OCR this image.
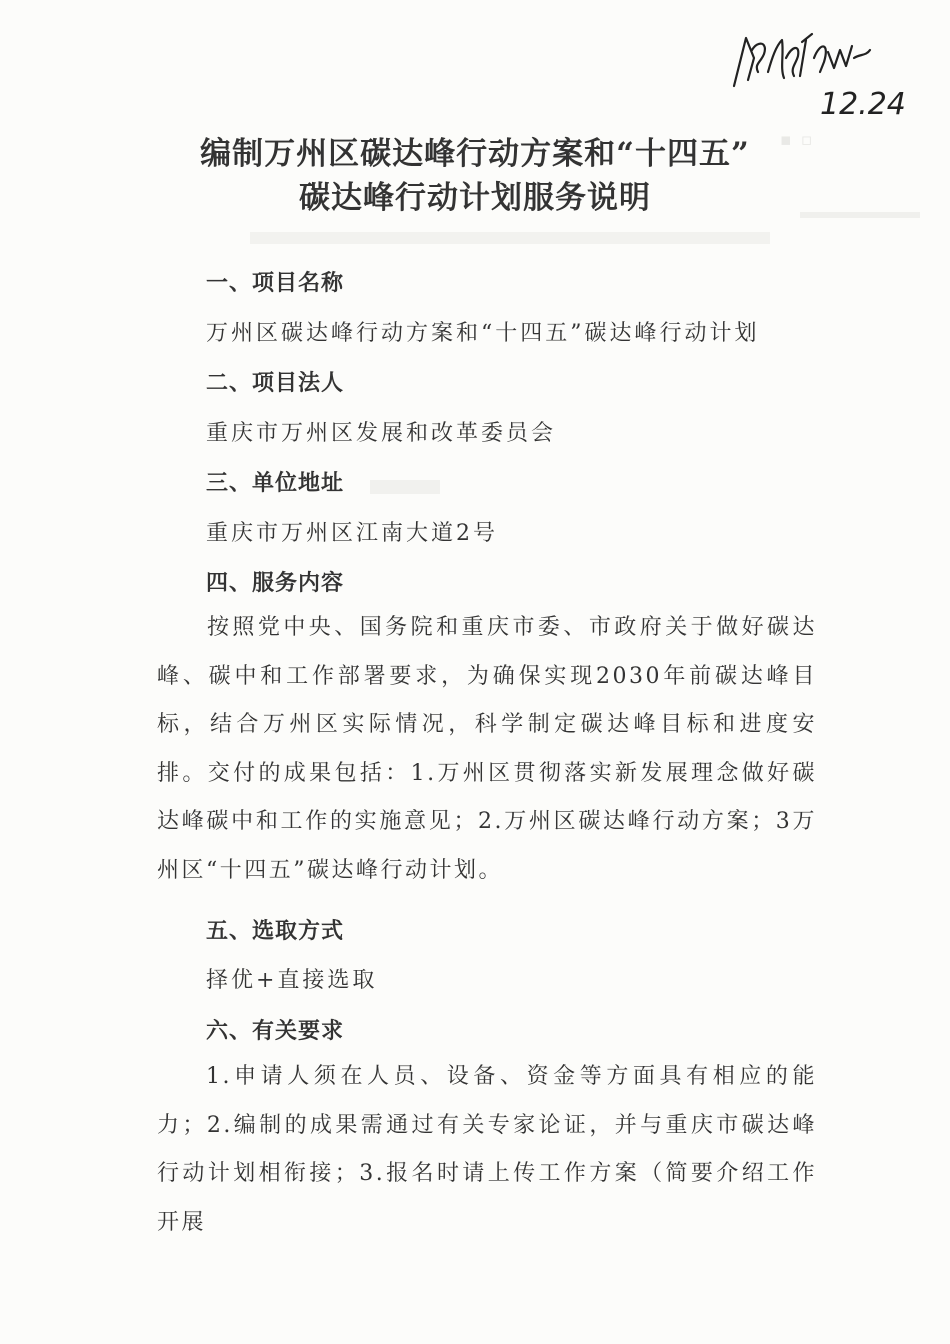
▪ ▫
12.24
编制万州区碳达峰行动方案和“十四五”
碳达峰行动计划服务说明
一、项目名称
万州区碳达峰行动方案和“十四五”碳达峰行动计划
二、项目法人
重庆市万州区发展和改革委员会
三、单位地址
重庆市万州区江南大道2号
四、服务内容
按照党中央、国务院和重庆市委、市政府关于做好碳达峰、碳中和工作部署要求，为确保实现2030年前碳达峰目标，结合万州区实际情况，科学制定碳达峰目标和进度安排。交付的成果包括：1.万州区贯彻落实新发展理念做好碳达峰碳中和工作的实施意见；2.万州区碳达峰行动方案；3万州区“十四五”碳达峰行动计划。
五、选取方式
择优+直接选取
六、有关要求
1.申请人须在人员、设备、资金等方面具有相应的能力；2.编制的成果需通过有关专家论证，并与重庆市碳达峰行动计划相衔接；3.报名时请上传工作方案（简要介绍工作开展
